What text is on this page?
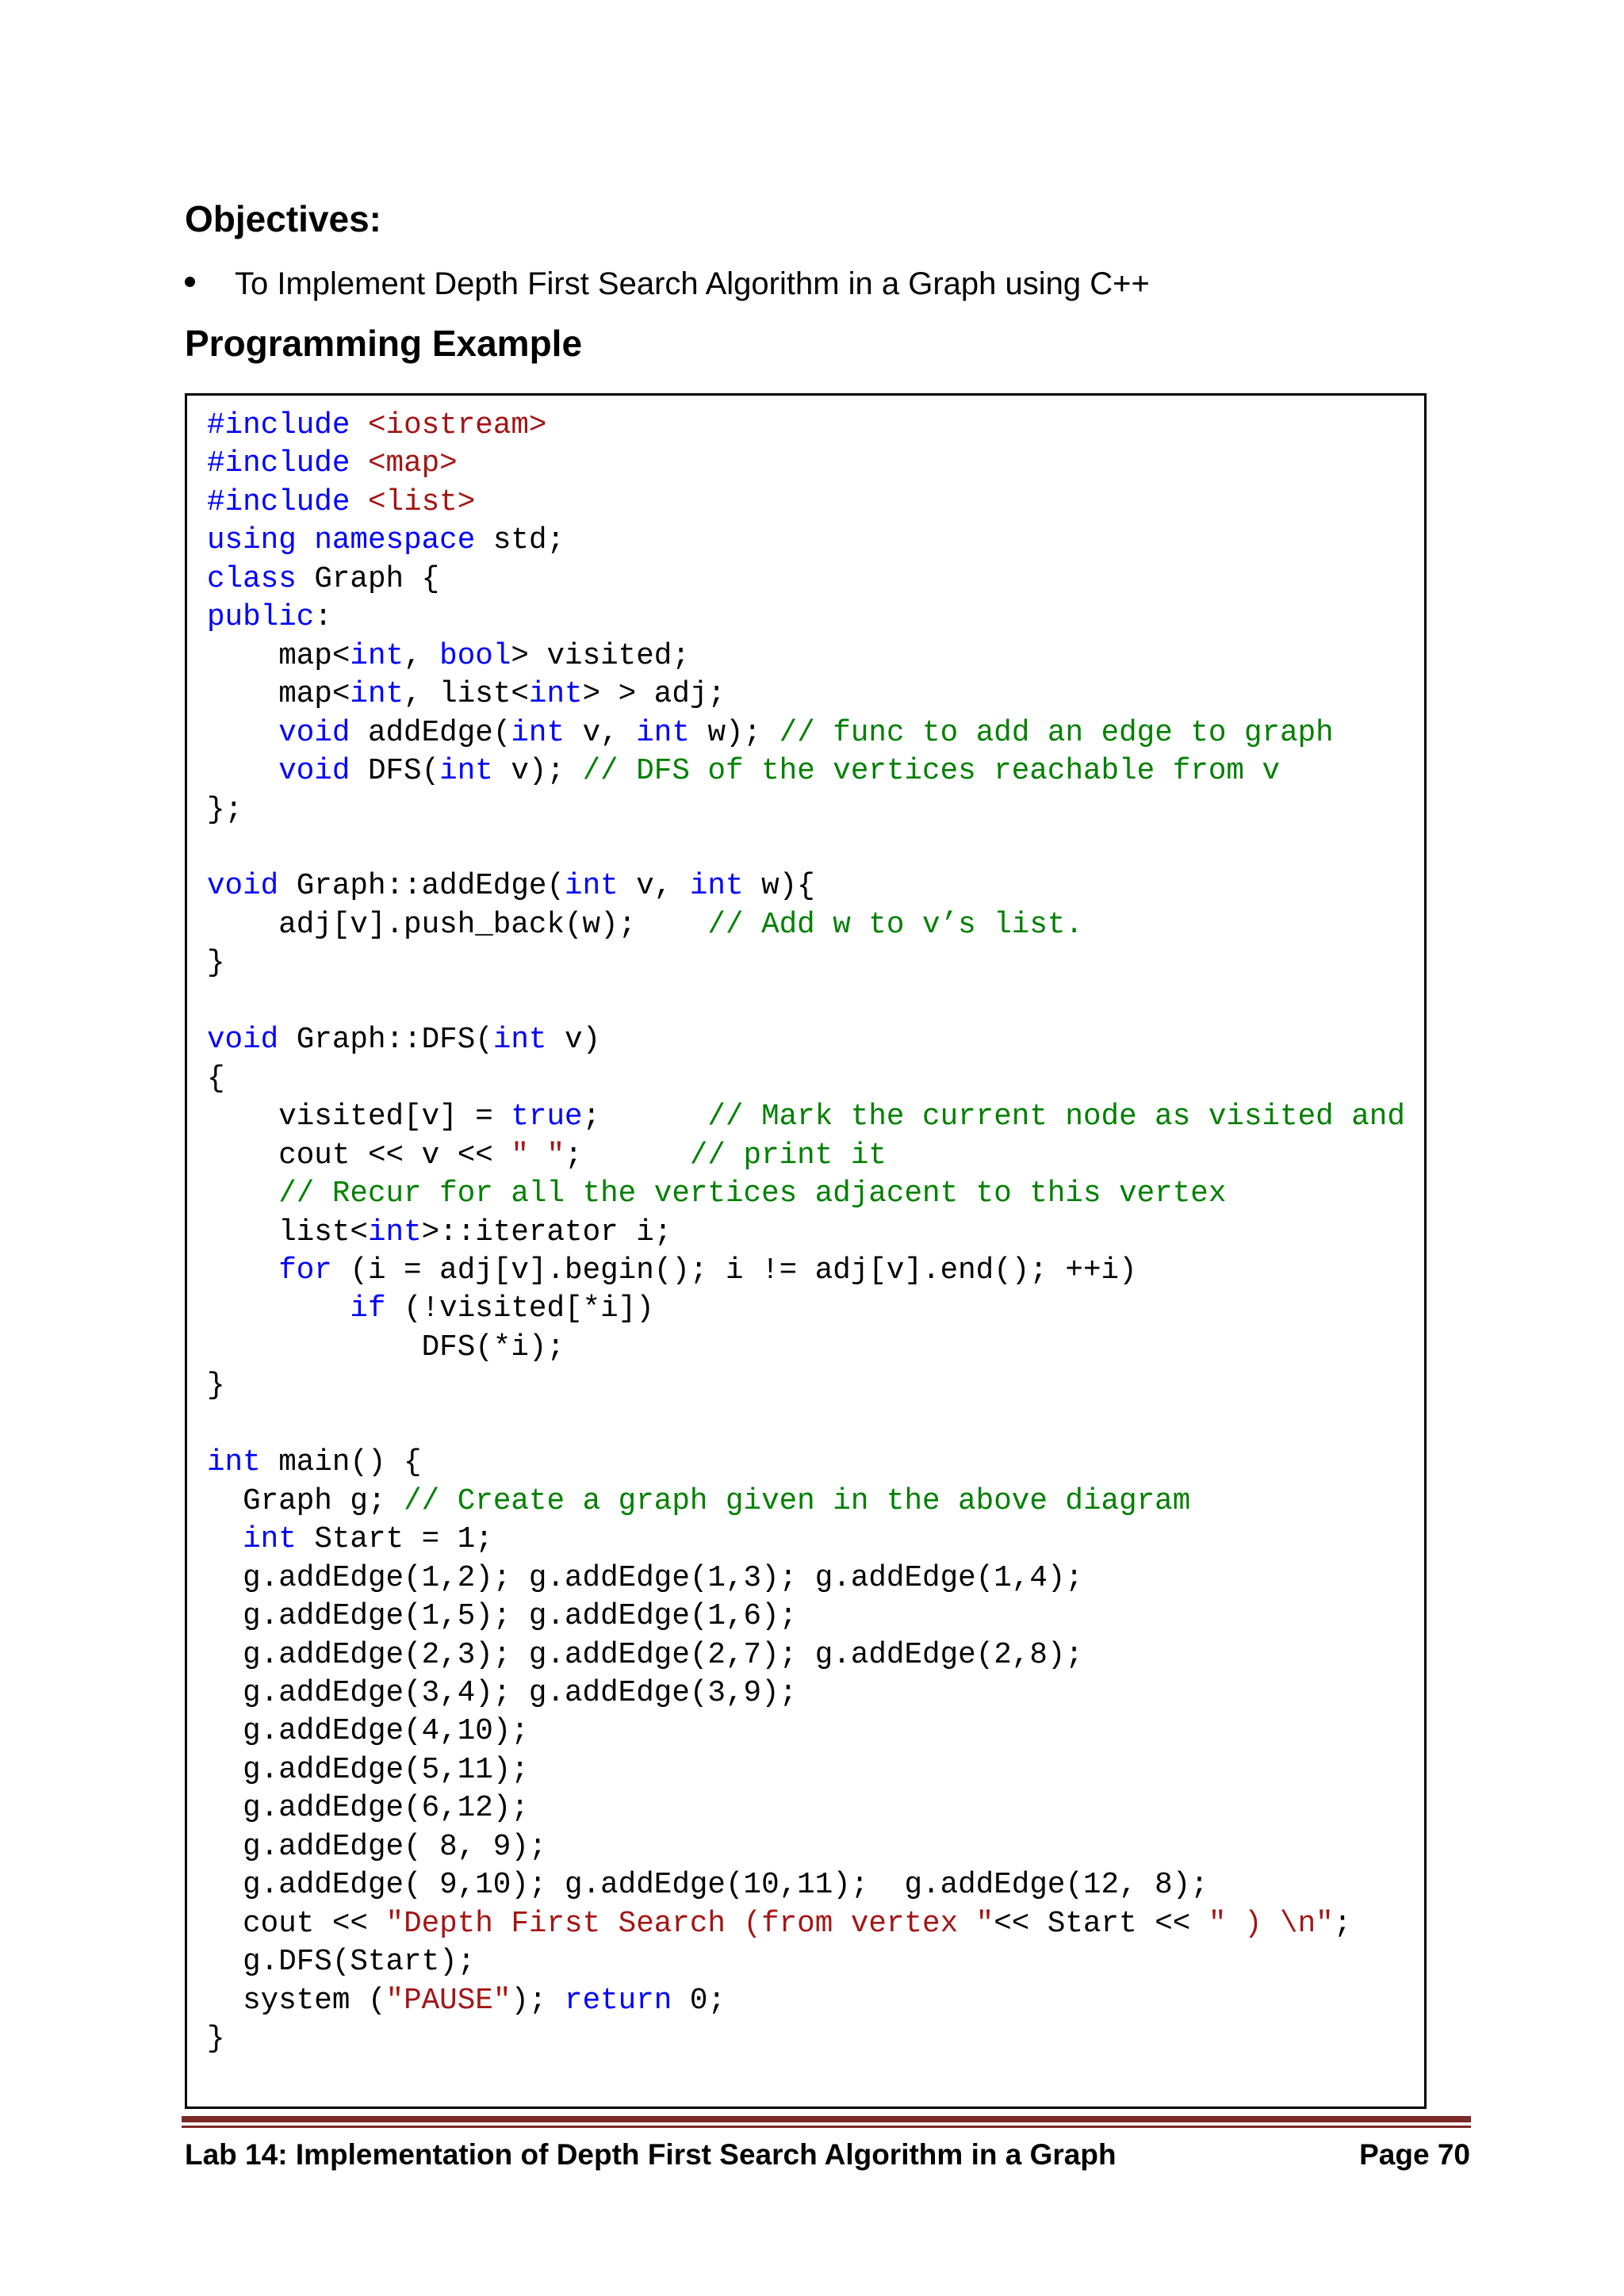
Objectives:
To Implement Depth First Search Algorithm in a Graph using C++
Programming Example
#include <iostream>
#include <map>
#include <list>
using namespace std;
class Graph {
public:
map<int, bool> visited;
map<int, list<int> > adj;
void addEdge(int v, int w); // func to add an edge to graph
void DFS(int v); // DFS of the vertices reachable from v
};

void Graph::addEdge(int v, int w){
adj[v].push_back(w);    // Add w to v’s list.
}

void Graph::DFS(int v)
{
visited[v] = true;      // Mark the current node as visited and
cout << v << " ";      // print it
// Recur for all the vertices adjacent to this vertex
list<int>::iterator i;
for (i = adj[v].begin(); i != adj[v].end(); ++i)
if (!visited[*i])
DFS(*i);
}

int main() {
Graph g; // Create a graph given in the above diagram
int Start = 1;
g.addEdge(1,2); g.addEdge(1,3); g.addEdge(1,4);
g.addEdge(1,5); g.addEdge(1,6);
g.addEdge(2,3); g.addEdge(2,7); g.addEdge(2,8);
g.addEdge(3,4); g.addEdge(3,9);
g.addEdge(4,10);
g.addEdge(5,11);
g.addEdge(6,12);
g.addEdge( 8, 9);
g.addEdge( 9,10); g.addEdge(10,11);  g.addEdge(12, 8);
cout << "Depth First Search (from vertex "<< Start << " ) \n";
g.DFS(Start);
system ("PAUSE"); return 0;
}
Lab 14: Implementation of Depth First Search Algorithm in a Graph	Page 70
